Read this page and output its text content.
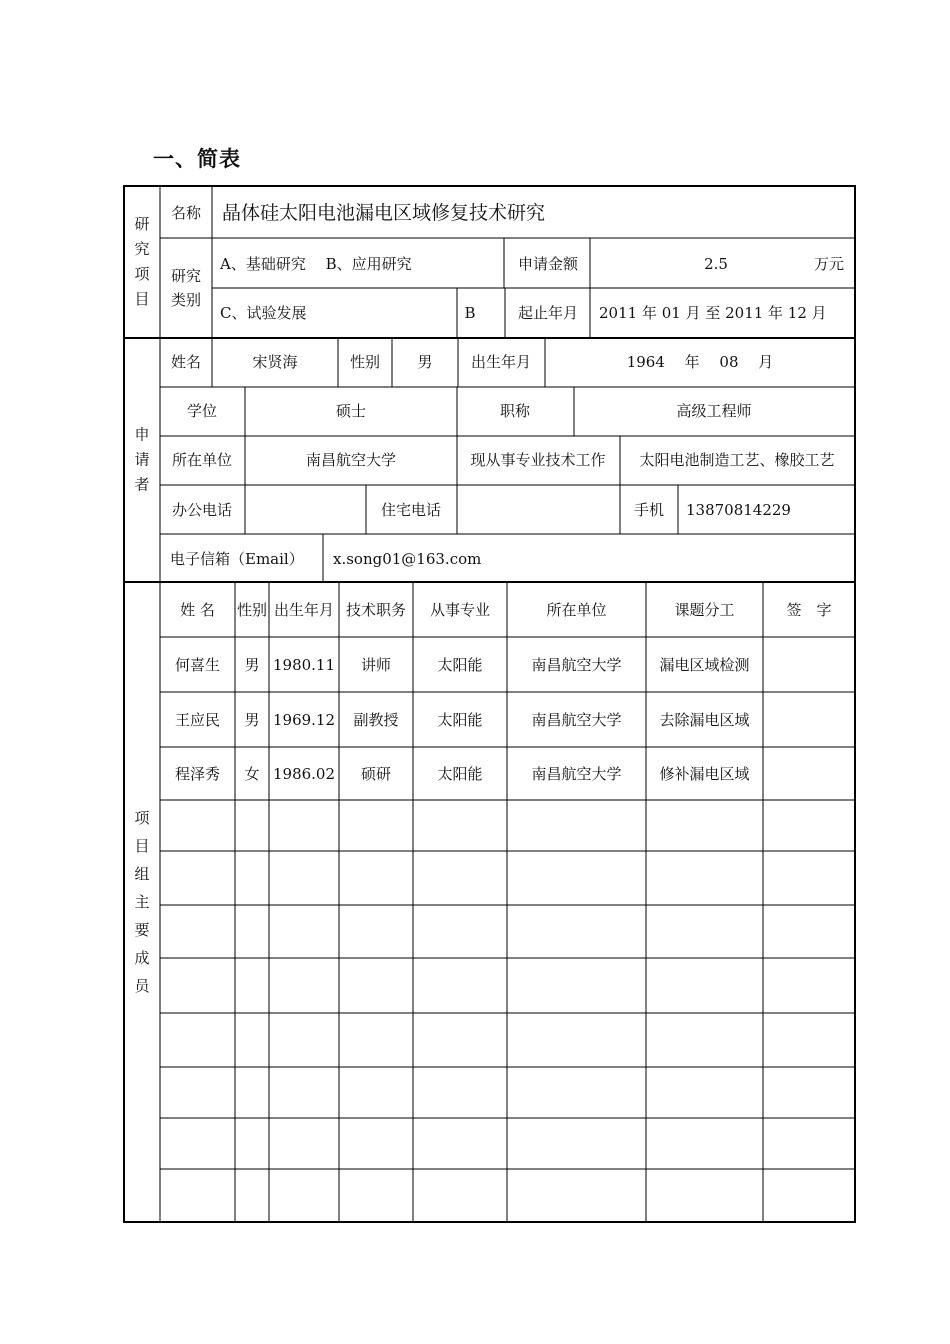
一、简表
研究项目
申请者
项目组主要成员
名称 晶体硅太阳电池漏电区域修复技术研究
研究类别
A、基础研究　 B、应用研究
C、试验发展	B
申请金额	2.5	万元
起止年月 2011 年 01 月 至 2011 年 12 月
姓名	宋贤海	性别 男	出生年月	1964　 年　 08　 月
学位	硕士	职称	高级工程师
所在单位	南昌航空大学	现从事专业技术工作 太阳电池制造工艺、橡胶工艺
办公电话	住宅电话	手机 13870814229
电子信箱（Email） x.song01@163.com
姓 名 性别 出生年月 技术职务 从事专业	所在单位	课题分工	签　字
何喜生 男 1980.11 讲师	太阳能	南昌航空大学	漏电区域检测
王应民 男 1969.12 副教授	太阳能	南昌航空大学	去除漏电区域
程泽秀 女 1986.02 硕研	太阳能	南昌航空大学	修补漏电区域
